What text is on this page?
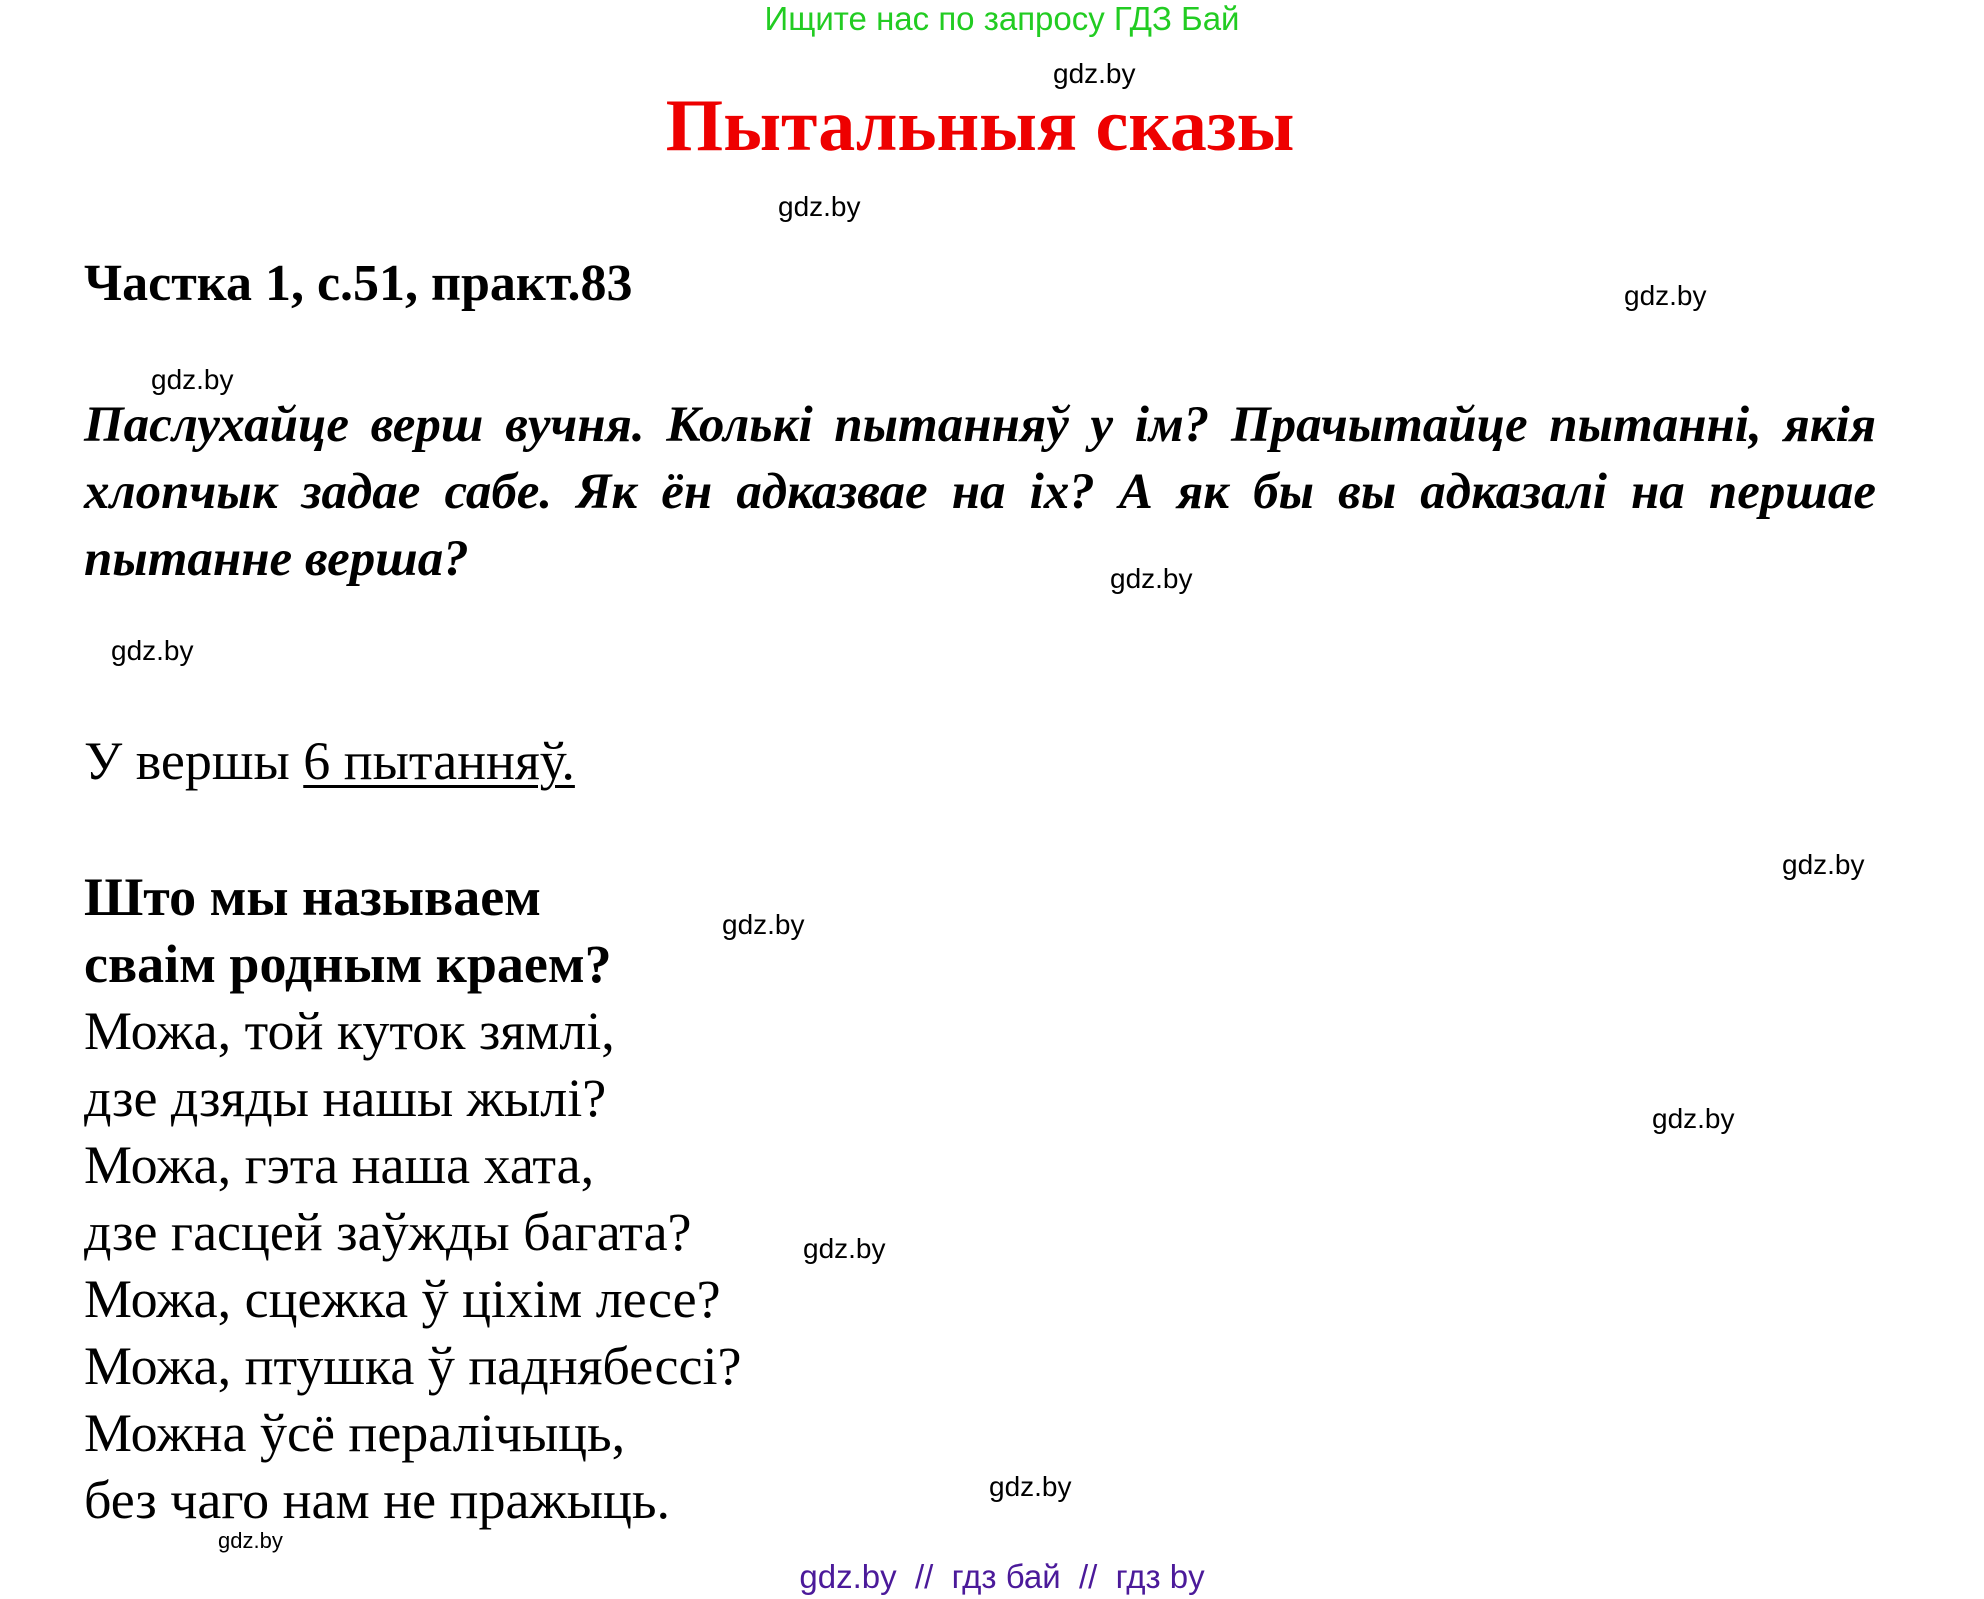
Ищите нас по запросу ГДЗ Бай
Пытальныя сказы
Частка 1, с.51, практ.83
Паслухайце верш вучня. Колькі пытанняў у ім? Прачытайце пытанні, якія хлопчык задае сабе. Як ён адказвае на іх? А як бы вы адказалі на першае пытанне верша?
У вершы 6 пытанняў.
Што мы называем
сваім родным краем?
Можа, той куток зямлі,
дзе дзяды нашы жылі?
Можа, гэта наша хата,
дзе гасцей заўжды багата?
Можа, сцежка ў ціхім лесе?
Можа, птушка ў паднябессі?
Можна ўсё пералічыць,
без чаго нам не пражыць.
gdz.by
gdz.by
gdz.by
gdz.by
gdz.by
gdz.by
gdz.by
gdz.by
gdz.by
gdz.by
gdz.by
gdz.by
gdz.by  //  гдз бай  //  гдз by
